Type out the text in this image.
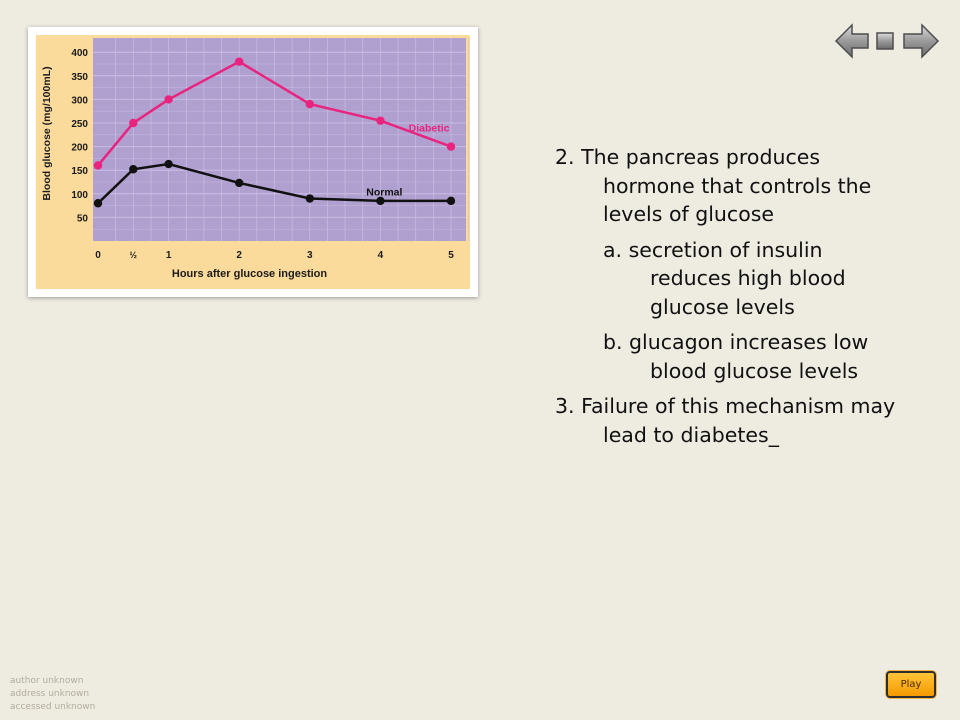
50
100
150
200
250
300
350
400
0	½	1	2	3	4	5
Hours after glucose ingestion
Blood glucose (mg/100mL)	Diabetic
Normal
2. The pancreas produces
hormone that controls the
levels of glucose
a. secretion of insulin
reduces high blood
glucose levels
b. glucagon increases low
blood glucose levels
3. Failure of this mechanism may
lead to diabetes_
author unknown
address unknown
accessed unknown
Play
